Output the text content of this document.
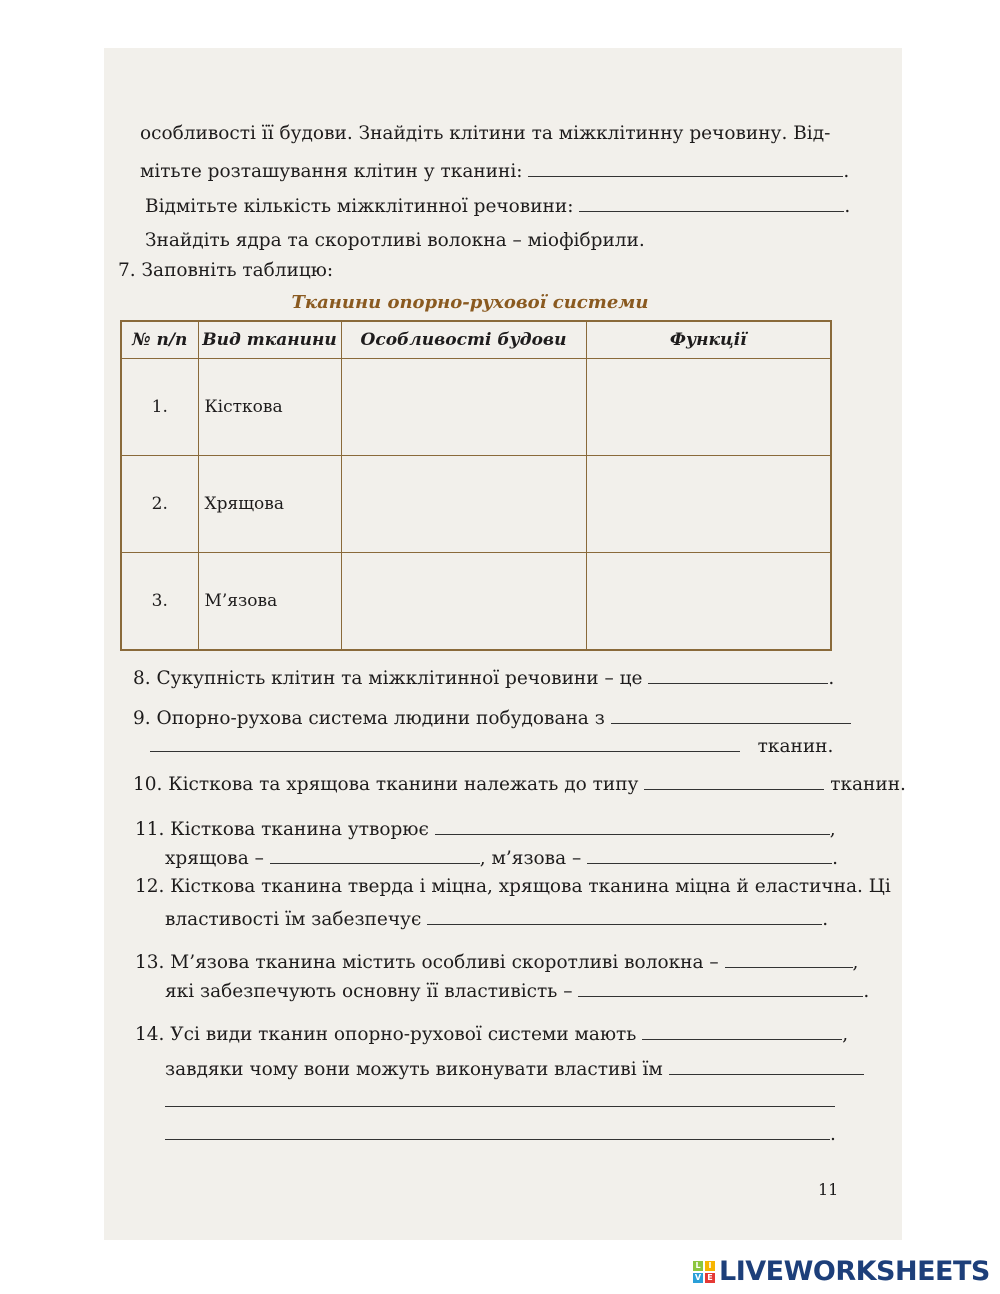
особливості її будови. Знайдіть клітини та міжклітинну речовину. Від-
мітьте розташування клітин у тканині:	.
Відмітьте кількість міжклітинної речовини:	.
Знайдіть ядра та скоротливі волокна – міофібрили.
7. Заповніть таблицю:
Тканини опорно-рухової системи
№ п/п	Вид тканини	Особливості будови	Функції
1.	Кісткова		
2.	Хрящова		
3.	М’язова		
8. Сукупність клітин та міжклітинної речовини – це	.
9. Опорно-рухова система людини побудована з
тканин.
10. Кісткова та хрящова тканини належать до типу	тканин.
11. Кісткова тканина утворює	,
хрящова –	, м’язова –	.
12. Кісткова тканина тверда і міцна, хрящова тканина міцна й еластична. Ці
властивості їм забезпечує	.
13. М’язова тканина містить особливі скоротливі волокна –	,
які забезпечують основну її властивість –	.
14. Усі види тканин опорно-рухової системи мають	,
завдяки чому вони можуть виконувати властиві їм
.
11
L I
V E LIVEWORKSHEETS
